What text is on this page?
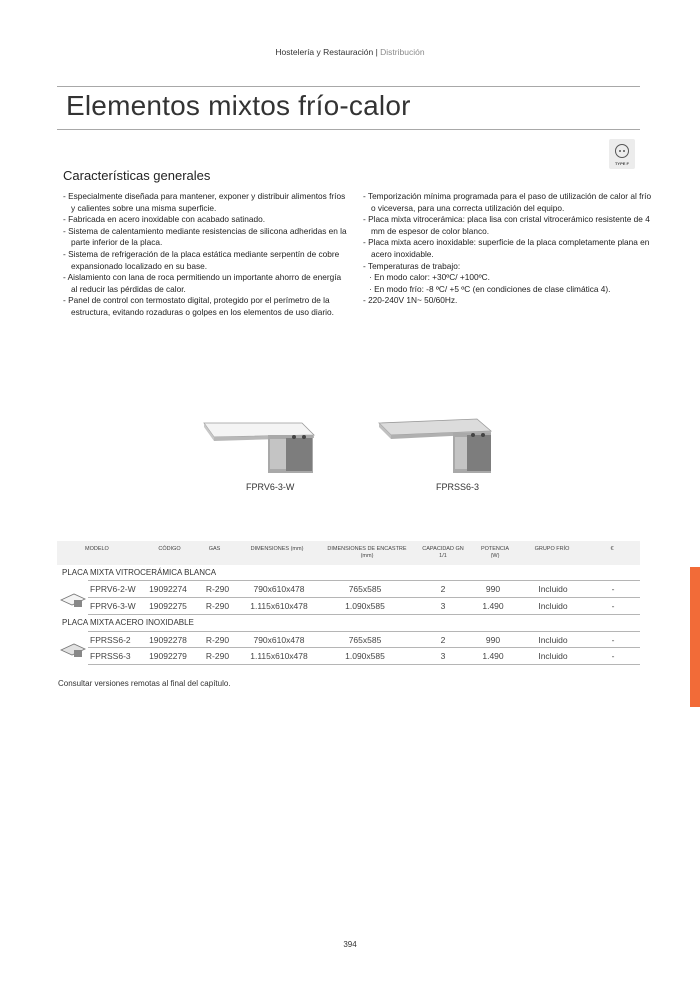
Hostelería y Restauración | Distribución
Elementos mixtos frío-calor
TYPE F
Características generales
- Especialmente diseñada para mantener, exponer y distribuir alimentos fríos y calientes sobre una misma superficie.
- Fabricada en acero inoxidable con acabado satinado.
- Sistema de calentamiento mediante resistencias de silicona adheridas en la parte inferior de la placa.
- Sistema de refrigeración de la placa estática mediante serpentín de cobre expansionado localizado en su base.
- Aislamiento con lana de roca permitiendo un importante ahorro de energía al reducir las pérdidas de calor.
- Panel de control con termostato digital, protegido por el perímetro de la estructura, evitando rozaduras o golpes en los elementos de uso diario.
- Temporización mínima programada para el paso de utilización de calor al frío o viceversa, para una correcta utilización del equipo.
- Placa mixta vitrocerámica: placa lisa con cristal vitrocerámico resistente de 4 mm de espesor de color blanco.
- Placa mixta acero inoxidable: superficie de la placa completamente plana en acero inoxidable.
- Temperaturas de trabajo:
· En modo calor: +30ºC/ +100ºC.
· En modo frío: -8 ºC/ +5 ºC (en condiciones de clase climática 4).
- 220-240V 1N~ 50/60Hz.
FPRV6-3-W	FPRSS6-3
MODELO	CÓDIGO	GAS	DIMENSIONES (mm)	DIMENSIONES DE ENCASTRE (mm)
CAPACIDAD GN 1/1
POTENCIA (W)
GRUPO FRÍO	€
PLACA MIXTA VITROCERÁMICA BLANCA
FPRV6-2-W	19092274	R-290	790x610x478	765x585	2	990	Incluido	-
FPRV6-3-W	19092275	R-290	1.115x610x478	1.090x585	3	1.490	Incluido	-
PLACA MIXTA ACERO INOXIDABLE
FPRSS6-2	19092278	R-290	790x610x478	765x585	2	990	Incluido	-
FPRSS6-3	19092279	R-290	1.115x610x478	1.090x585	3	1.490	Incluido	-
Consultar versiones remotas al final del capítulo.
394
